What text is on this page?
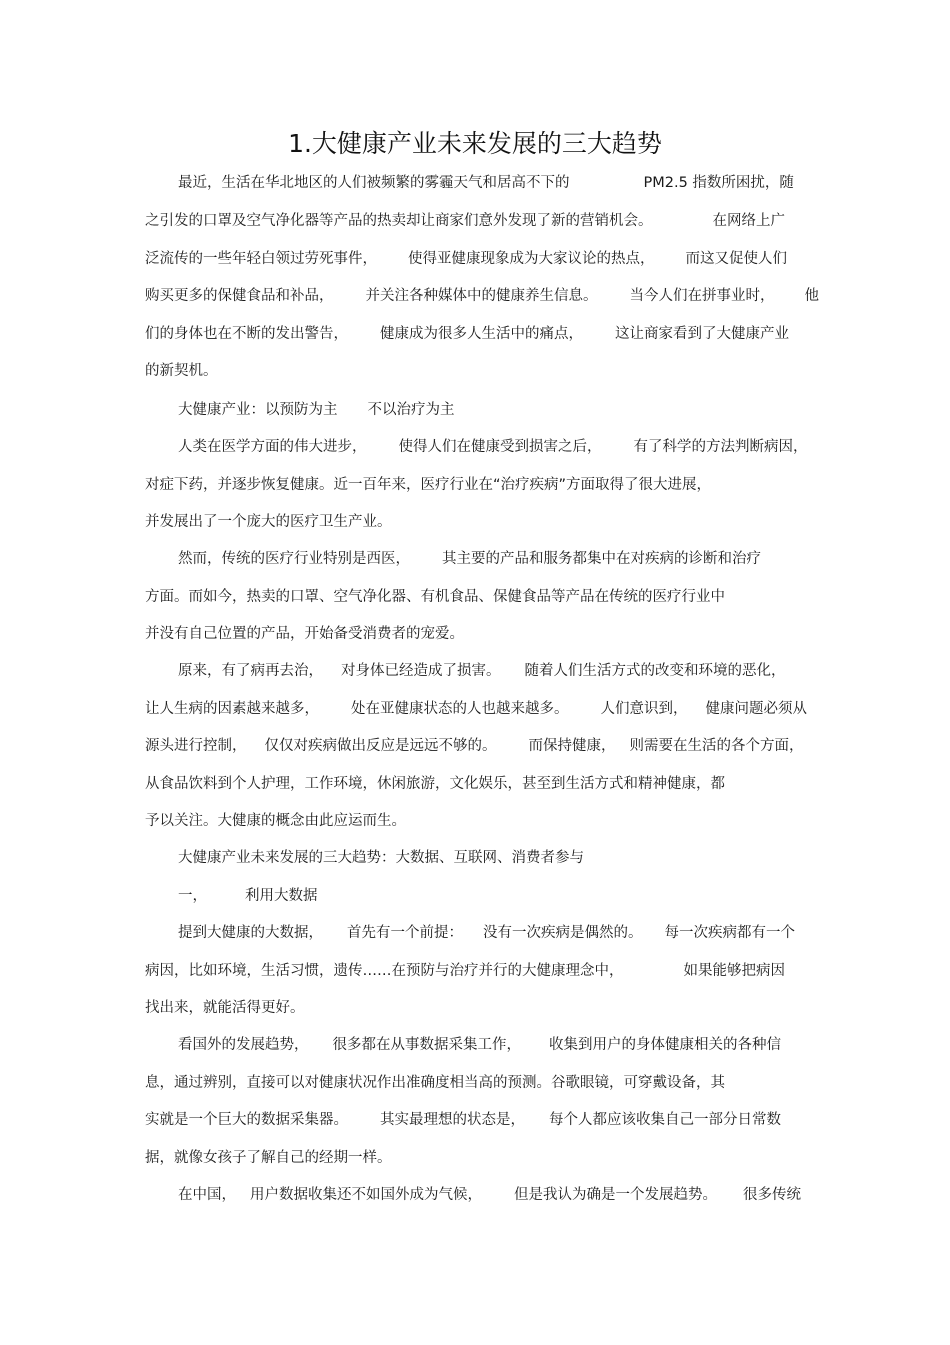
1.大健康产业未来发展的三大趋势
最近，生活在华北地区的人们被频繁的雾霾天气和居高不下的	PM2.5 指数所困扰，随
之引发的口罩及空气净化器等产品的热卖却让商家们意外发现了新的营销机会。	在网络上广
泛流传的一些年轻白领过劳死事件， 使得亚健康现象成为大家议论的热点， 而这又促使人们
购买更多的保健食品和补品， 并关注各种媒体中的健康养生信息。 当今人们在拼事业时， 他
们的身体也在不断的发出警告， 健康成为很多人生活中的痛点， 这让商家看到了大健康产业
的新契机。
大健康产业：以预防为主 不以治疗为主
人类在医学方面的伟大进步， 使得人们在健康受到损害之后， 有了科学的方法判断病因，
对症下药，并逐步恢复健康。近一百年来，医疗行业在“治疗疾病”方面取得了很大进展，
并发展出了一个庞大的医疗卫生产业。
然而，传统的医疗行业特别是西医， 其主要的产品和服务都集中在对疾病的诊断和治疗
方面。而如今，热卖的口罩、空气净化器、有机食品、保健食品等产品在传统的医疗行业中
并没有自己位置的产品，开始备受消费者的宠爱。
原来，有了病再去治， 对身体已经造成了损害。 随着人们生活方式的改变和环境的恶化，
让人生病的因素越来越多， 处在亚健康状态的人也越来越多。 人们意识到， 健康问题必须从
源头进行控制， 仅仅对疾病做出反应是远远不够的。 而保持健康， 则需要在生活的各个方面，
从食品饮料到个人护理，工作环境，休闲旅游，文化娱乐，甚至到生活方式和精神健康，都
予以关注。大健康的概念由此应运而生。
大健康产业未来发展的三大趋势：大数据、互联网、消费者参与
一，	利用大数据
提到大健康的大数据， 首先有一个前提： 没有一次疾病是偶然的。 每一次疾病都有一个
病因，比如环境，生活习惯，遗传……在预防与治疗并行的大健康理念中，	如果能够把病因
找出来，就能活得更好。
看国外的发展趋势， 很多都在从事数据采集工作， 收集到用户的身体健康相关的各种信
息，通过辨别，直接可以对健康状况作出准确度相当高的预测。谷歌眼镜，可穿戴设备，其
实就是一个巨大的数据采集器。 其实最理想的状态是， 每个人都应该收集自己一部分日常数
据，就像女孩子了解自己的经期一样。
在中国， 用户数据收集还不如国外成为气候， 但是我认为确是一个发展趋势。 很多传统
